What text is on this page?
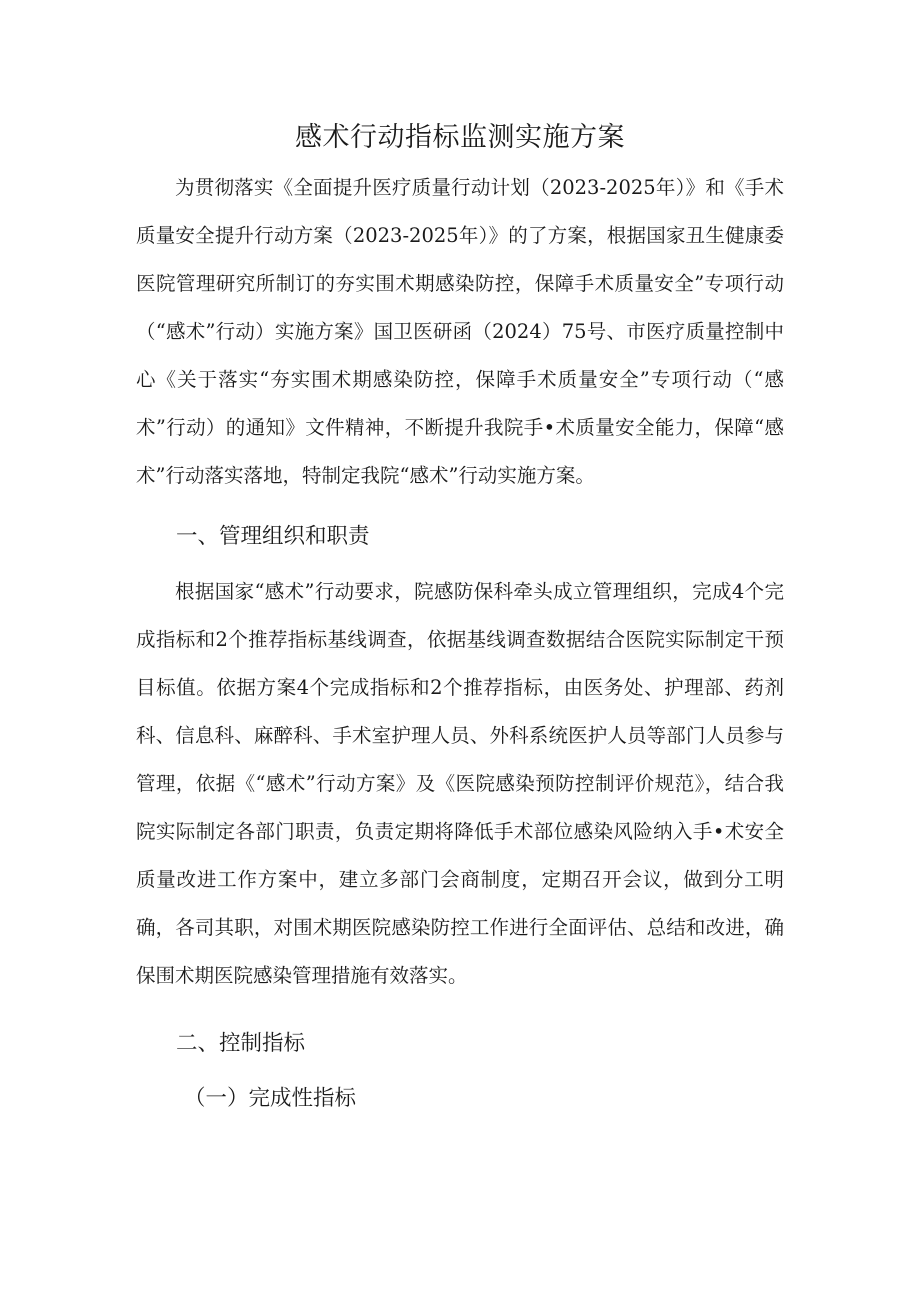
感术行动指标监测实施方案

为贯彻落实《全面提升医疗质量行动计划（2023-2025年）》和《手术质量安全提升行动方案（2023-2025年）》的了方案，根据国家丑生健康委医院管理研究所制订的夯实围术期感染防控，保障手术质量安全”专项行动（“感术”行动）实施方案》国卫医研函（2024）75号、市医疗质量控制中心《关于落实“夯实围术期感染防控，保障手术质量安全”专项行动（“感术”行动）的通知》文件精神，不断提升我院手•术质量安全能力，保障“感术”行动落实落地，特制定我院“感术”行动实施方案。

一、管理组织和职责

根据国家“感术”行动要求，院感防保科牵头成立管理组织，完成4个完成指标和2个推荐指标基线调查，依据基线调查数据结合医院实际制定干预目标值。依据方案4个完成指标和2个推荐指标，由医务处、护理部、药剂科、信息科、麻醉科、手术室护理人员、外科系统医护人员等部门人员参与管理，依据《“感术”行动方案》及《医院感染预防控制评价规范》，结合我院实际制定各部门职责，负责定期将降低手术部位感染风险纳入手•术安全质量改进工作方案中，建立多部门会商制度，定期召开会议，做到分工明确，各司其职，对围术期医院感染防控工作进行全面评估、总结和改进，确保围术期医院感染管理措施有效落实。

二、控制指标
（一）完成性指标
